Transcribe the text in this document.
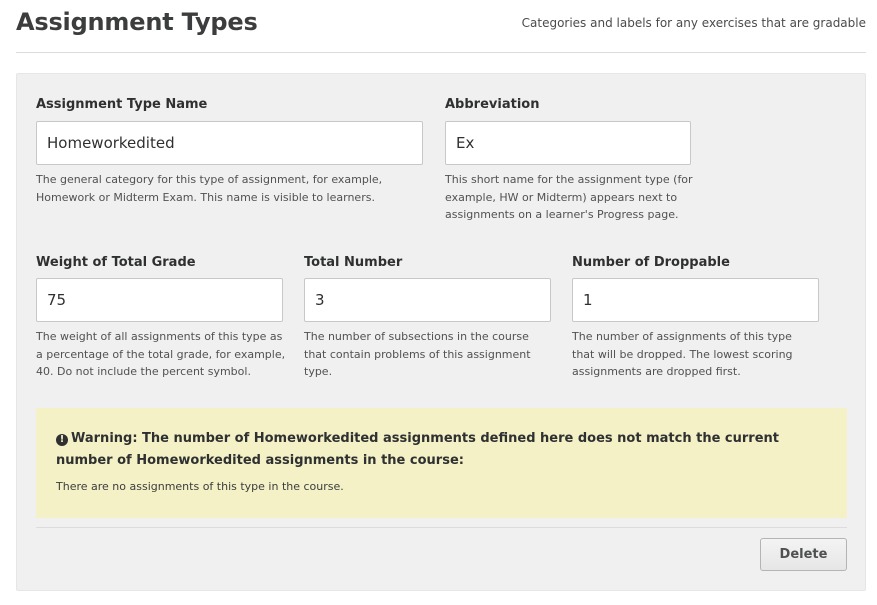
Assignment Types	Categories and labels for any exercises that are gradable
Assignment Type Name
Homeworkedited
The general category for this type of assignment, for example, Homework or Midterm Exam. This name is visible to learners.
Abbreviation
Ex
This short name for the assignment type (for example, HW or Midterm) appears next to assignments on a learner's Progress page.
Weight of Total Grade
75
The weight of all assignments of this type as a percentage of the total grade, for example, 40. Do not include the percent symbol.
Total Number
3
The number of subsections in the course that contain problems of this assignment type.
Number of Droppable
1
The number of assignments of this type that will be dropped. The lowest scoring assignments are dropped first.
! Warning: The number of Homeworkedited assignments defined here does not match the current number of Homeworkedited assignments in the course:
There are no assignments of this type in the course.
Delete
